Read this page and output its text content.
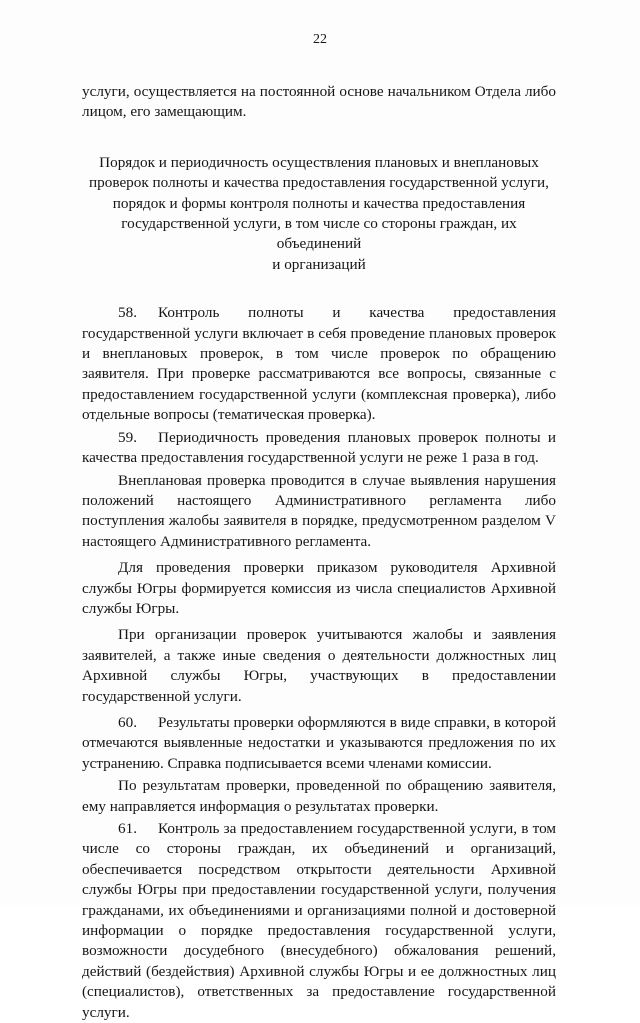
22

услуги, осуществляется на постоянной основе начальником Отдела либо лицом, его замещающим.

Порядок и периодичность осуществления плановых и внеплановых
проверок полноты и качества предоставления государственной услуги,
порядок и формы контроля полноты и качества предоставления
государственной услуги, в том числе со стороны граждан, их объединений
и организаций

58. Контроль полноты и качества предоставления государственной услуги включает в себя проведение плановых проверок и внеплановых проверок, в том числе проверок по обращению заявителя. При проверке рассматриваются все вопросы, связанные с предоставлением государственной услуги (комплексная проверка), либо отдельные вопросы (тематическая проверка).

59. Периодичность проведения плановых проверок полноты и качества предоставления государственной услуги не реже 1 раза в год.

Внеплановая проверка проводится в случае выявления нарушения положений настоящего Административного регламента либо поступления жалобы заявителя в порядке, предусмотренном разделом V настоящего Административного регламента.

Для проведения проверки приказом руководителя Архивной службы Югры формируется комиссия из числа специалистов Архивной службы Югры.

При организации проверок учитываются жалобы и заявления заявителей, а также иные сведения о деятельности должностных лиц Архивной службы Югры, участвующих в предоставлении государственной услуги.

60. Результаты проверки оформляются в виде справки, в которой отмечаются выявленные недостатки и указываются предложения по их устранению. Справка подписывается всеми членами комиссии.

По результатам проверки, проведенной по обращению заявителя, ему направляется информация о результатах проверки.

61. Контроль за предоставлением государственной услуги, в том числе со стороны граждан, их объединений и организаций, обеспечивается посредством открытости деятельности Архивной службы Югры при предоставлении государственной услуги, получения гражданами, их объединениями и организациями полной и достоверной информации о порядке предоставления государственной услуги, возможности досудебного (внесудебного) обжалования решений, действий (бездействия) Архивной службы Югры и ее должностных лиц (специалистов), ответственных за предоставление государственной услуги.
